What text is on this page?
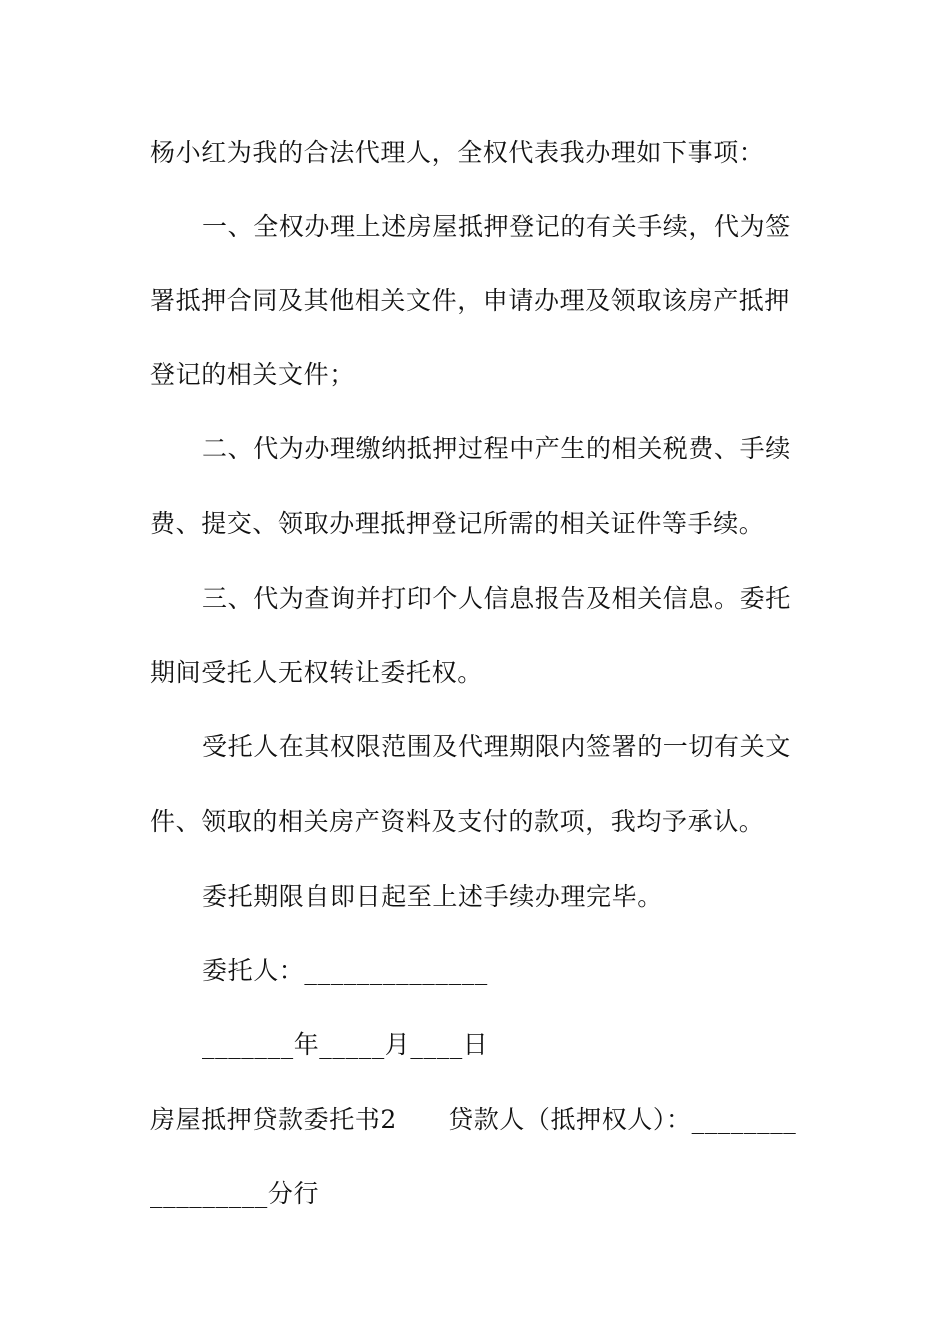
杨小红为我的合法代理人，全权代表我办理如下事项：
一、全权办理上述房屋抵押登记的有关手续，代为签
署抵押合同及其他相关文件，申请办理及领取该房产抵押
登记的相关文件；
二、代为办理缴纳抵押过程中产生的相关税费、手续
费、提交、领取办理抵押登记所需的相关证件等手续。
三、代为查询并打印个人信息报告及相关信息。委托
期间受托人无权转让委托权。
受托人在其权限范围及代理期限内签署的一切有关文
件、领取的相关房产资料及支付的款项，我均予承认。
委托期限自即日起至上述手续办理完毕。
委托人：______________
_______年_____月____日
房屋抵押贷款委托书2　　贷款人（抵押权人）：________
_________分行
